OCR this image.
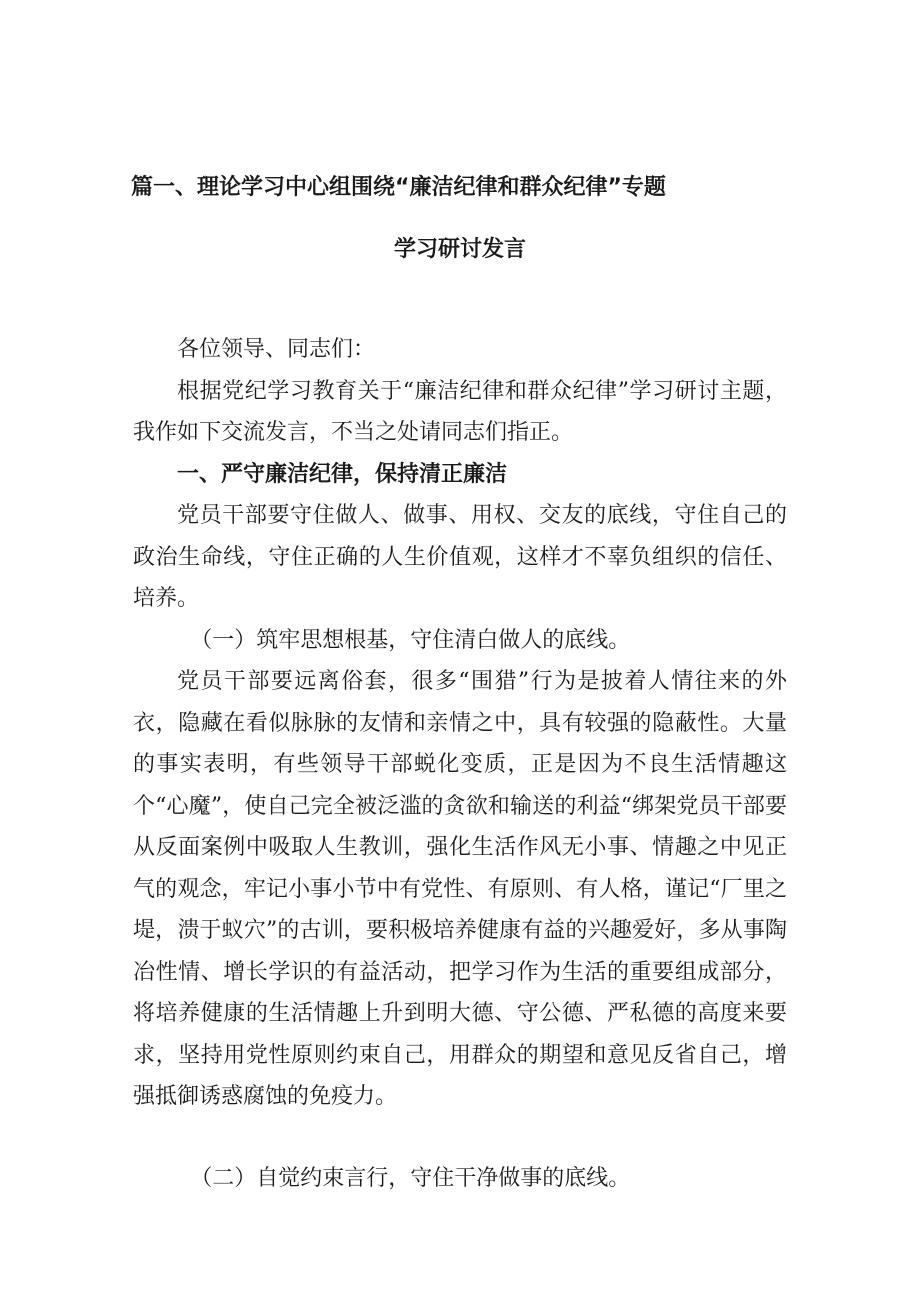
篇一、理论学习中心组围绕“廉洁纪律和群众纪律”专题
学习研讨发言

各位领导、同志们：

根据党纪学习教育关于“廉洁纪律和群众纪律”学习研讨主题，我作如下交流发言，不当之处请同志们指正。

一、严守廉洁纪律，保持清正廉洁

党员干部要守住做人、做事、用权、交友的底线，守住自己的政治生命线，守住正确的人生价值观，这样才不辜负组织的信任、培养。

（一）筑牢思想根基，守住清白做人的底线。

党员干部要远离俗套，很多“围猎”行为是披着人情往来的外衣，隐藏在看似脉脉的友情和亲情之中，具有较强的隐蔽性。大量的事实表明，有些领导干部蜕化变质，正是因为不良生活情趣这个“心魔”，使自己完全被泛滥的贪欲和输送的利益“绑架党员干部要从反面案例中吸取人生教训，强化生活作风无小事、情趣之中见正气的观念，牢记小事小节中有党性、有原则、有人格，谨记“厂里之堤，溃于蚁穴”的古训，要积极培养健康有益的兴趣爱好，多从事陶冶性情、增长学识的有益活动，把学习作为生活的重要组成部分，将培养健康的生活情趣上升到明大德、守公德、严私德的高度来要求，坚持用党性原则约束自己，用群众的期望和意见反省自己，增强抵御诱惑腐蚀的免疫力。

（二）自觉约束言行，守住干净做事的底线。
